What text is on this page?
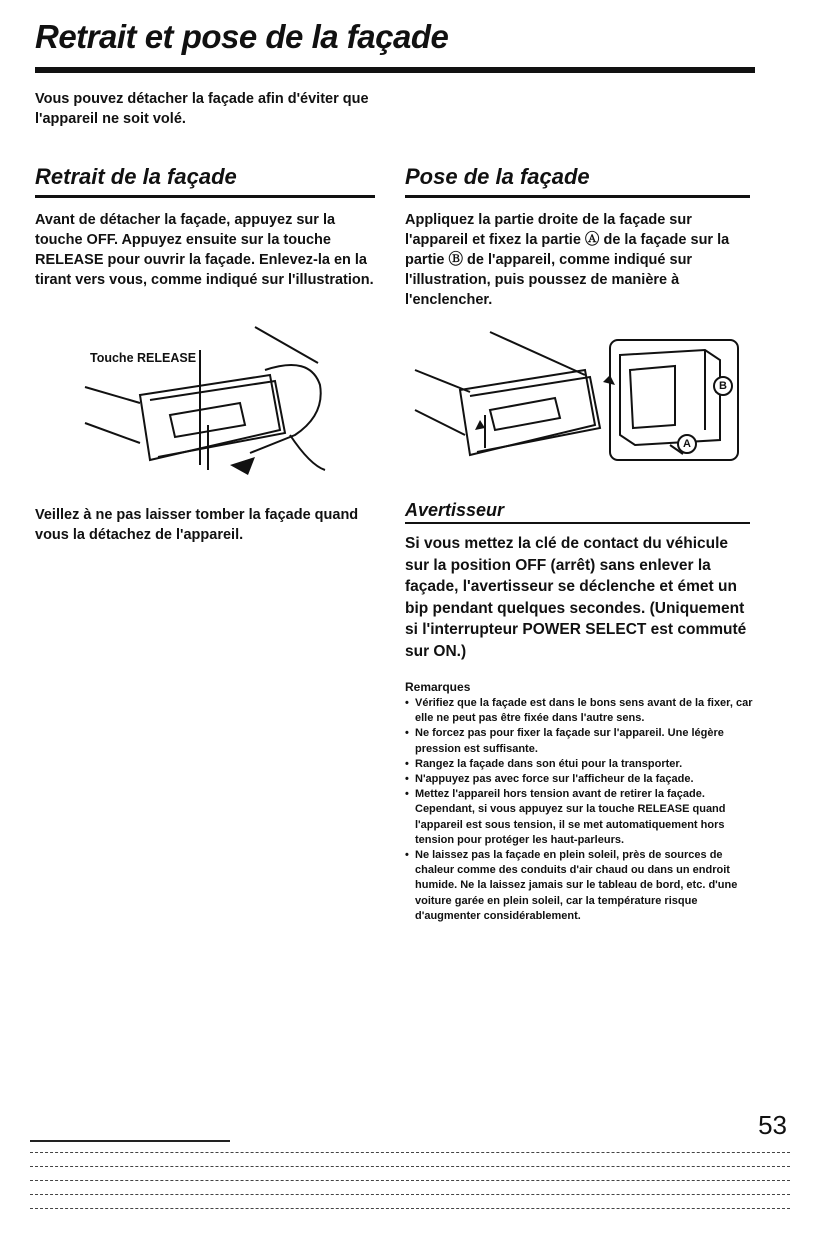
Retrait et pose de la façade
Vous pouvez détacher la façade afin d'éviter que l'appareil ne soit volé.
Retrait de la façade
Avant de détacher la façade, appuyez sur la touche OFF. Appuyez ensuite sur la touche RELEASE pour ouvrir la façade. Enlevez-la en la tirant vers vous, comme indiqué sur l'illustration.
Touche RELEASE
Veillez à ne pas laisser tomber la façade quand vous la détachez de l'appareil.
Pose de la façade
Appliquez la partie droite de la façade sur l'appareil et fixez la partie Ⓐ de la façade sur la partie Ⓑ de l'appareil, comme indiqué sur l'illustration, puis poussez de manière à l'enclencher.
B
A
Avertisseur
Si vous mettez la clé de contact du véhicule sur la position OFF (arrêt) sans enlever la façade, l'avertisseur se déclenche et émet un bip pendant quelques secondes. (Uniquement si l'interrupteur POWER SELECT est commuté sur ON.)
Remarques
• Vérifiez que la façade est dans le bons sens avant de la fixer, car elle ne peut pas être fixée dans l'autre sens.
• Ne forcez pas pour fixer la façade sur l'appareil. Une légère pression est suffisante.
• Rangez la façade dans son étui pour la transporter.
• N'appuyez pas avec force sur l'afficheur de la façade.
• Mettez l'appareil hors tension avant de retirer la façade. Cependant, si vous appuyez sur la touche RELEASE quand l'appareil est sous tension, il se met automatiquement hors tension pour protéger les haut-parleurs.
• Ne laissez pas la façade en plein soleil, près de sources de chaleur comme des conduits d'air chaud ou dans un endroit humide. Ne la laissez jamais sur le tableau de bord, etc. d'une voiture garée en plein soleil, car la température risque d'augmenter considérablement.
53
